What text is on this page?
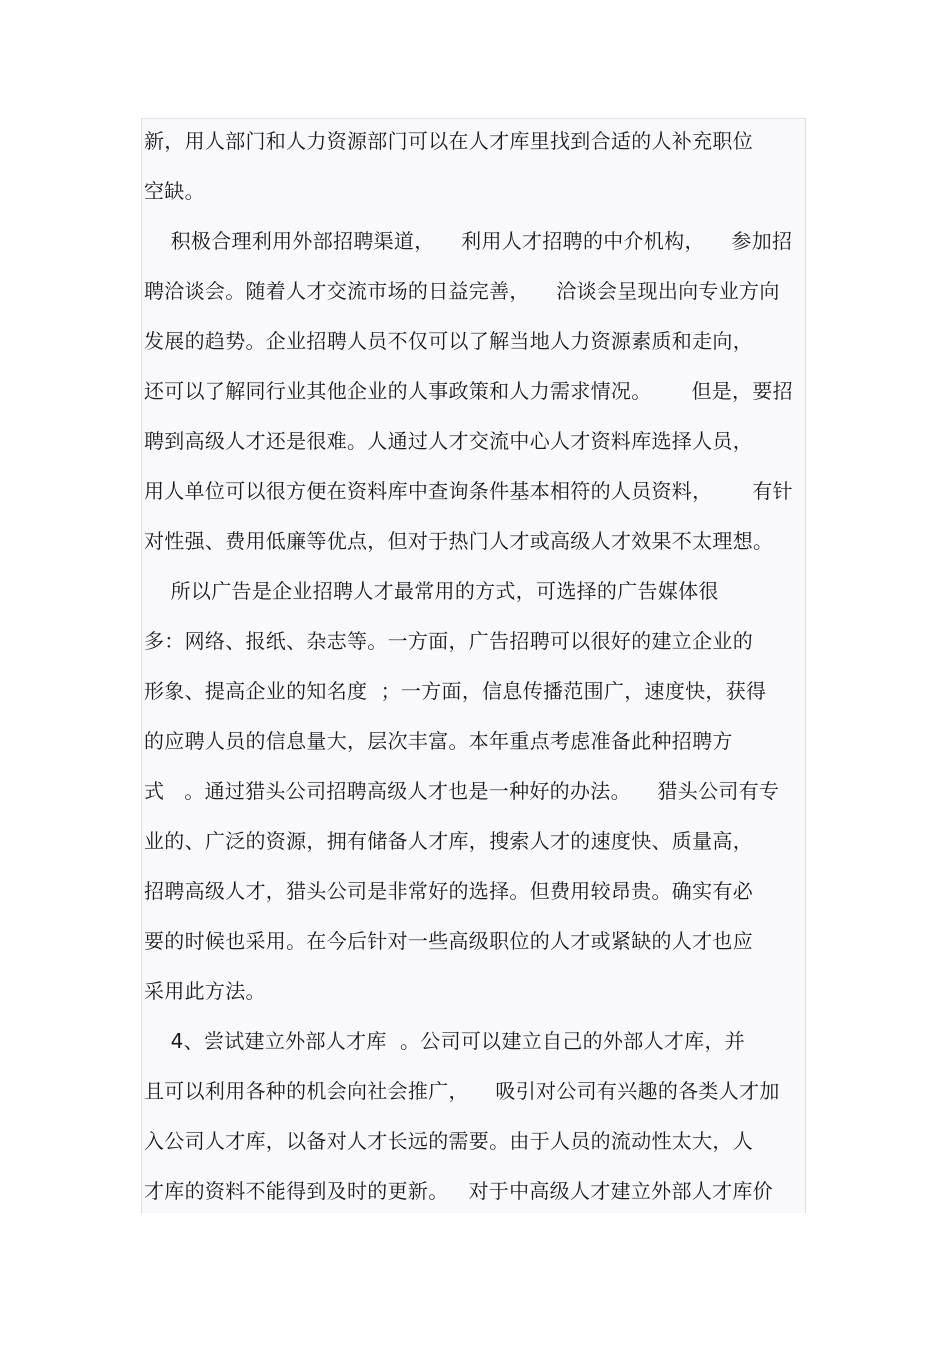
新，用人部门和人力资源部门可以在人才库里找到合适的人补充职位
空缺。
积极合理利用外部招聘渠道，    利用人才招聘的中介机构，    参加招
聘洽谈会。随着人才交流市场的日益完善，    洽谈会呈现出向专业方向
发展的趋势。企业招聘人员不仅可以了解当地人力资源素质和走向，
还可以了解同行业其他企业的人事政策和人力需求情况。      但是，要招
聘到高级人才还是很难。人通过人才交流中心人才资料库选择人员，
用人单位可以很方便在资料库中查询条件基本相符的人员资料，      有针
对性强、费用低廉等优点，但对于热门人才或高级人才效果不太理想。
所以广告是企业招聘人才最常用的方式，可选择的广告媒体很
多：网络、报纸、杂志等。一方面，广告招聘可以很好的建立企业的
形象、提高企业的知名度  ；一方面，信息传播范围广，速度快，获得
的应聘人员的信息量大，层次丰富。本年重点考虑准备此种招聘方
式   。通过猎头公司招聘高级人才也是一种好的办法。    猎头公司有专
业的、广泛的资源，拥有储备人才库，搜索人才的速度快、质量高，
招聘高级人才，猎头公司是非常好的选择。但费用较昂贵。确实有必
要的时候也采用。在今后针对一些高级职位的人才或紧缺的人才也应
采用此方法。
4、尝试建立外部人才库  。公司可以建立自己的外部人才库，并
且可以利用各种的机会向社会推广，    吸引对公司有兴趣的各类人才加
入公司人才库，以备对人才长远的需要。由于人员的流动性太大，人
才库的资料不能得到及时的更新。   对于中高级人才建立外部人才库价
